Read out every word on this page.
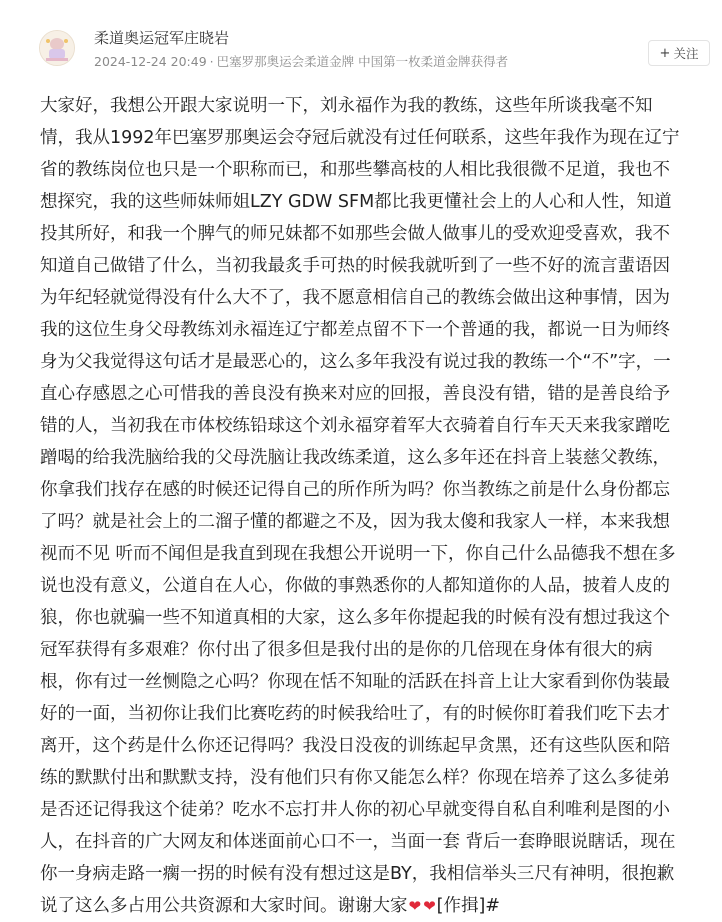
柔道奥运冠军庄晓岩
2024-12-24 20:49 · 巴塞罗那奥运会柔道金牌 中国第一枚柔道金牌获得者
+ 关注
大家好，我想公开跟大家说明一下，刘永福作为我的教练，这些年所谈我毫不知情，我从1992年巴塞罗那奥运会夺冠后就没有过任何联系，这些年我作为现在辽宁省的教练岗位也只是一个职称而已，和那些攀高枝的人相比我很微不足道，我也不想探究，我的这些师妹师姐LZY GDW SFM都比我更懂社会上的人心和人性，知道投其所好，和我一个脾气的师兄妹都不如那些会做人做事儿的受欢迎受喜欢，我不知道自己做错了什么，当初我最炙手可热的时候我就听到了一些不好的流言蜚语因为年纪轻就觉得没有什么大不了，我不愿意相信自己的教练会做出这种事情，因为我的这位生身父母教练刘永福连辽宁都差点留不下一个普通的我，都说一日为师终身为父我觉得这句话才是最恶心的，这么多年我没有说过我的教练一个“不”字，一直心存感恩之心可惜我的善良没有换来对应的回报，善良没有错，错的是善良给予错的人，当初我在市体校练铅球这个刘永福穿着军大衣骑着自行车天天来我家蹭吃蹭喝的给我洗脑给我的父母洗脑让我改练柔道，这么多年还在抖音上装慈父教练，你拿我们找存在感的时候还记得自己的所作所为吗？你当教练之前是什么身份都忘了吗？就是社会上的二溜子懂的都避之不及，因为我太傻和我家人一样，本来我想视而不见 听而不闻但是我直到现在我想公开说明一下，你自己什么品德我不想在多说也没有意义，公道自在人心，你做的事熟悉你的人都知道你的人品，披着人皮的狼，你也就骗一些不知道真相的大家，这么多年你提起我的时候有没有想过我这个冠军获得有多艰难？你付出了很多但是我付出的是你的几倍现在身体有很大的病根，你有过一丝恻隐之心吗？你现在恬不知耻的活跃在抖音上让大家看到你伪装最好的一面，当初你让我们比赛吃药的时候我给吐了，有的时候你盯着我们吃下去才离开，这个药是什么你还记得吗？我没日没夜的训练起早贪黑，还有这些队医和陪练的默默付出和默默支持，没有他们只有你又能怎么样？你现在培养了这么多徒弟是否还记得我这个徒弟？吃水不忘打井人你的初心早就变得自私自利唯利是图的小人，在抖音的广大网友和体迷面前心口不一，当面一套 背后一套睁眼说瞎话，现在你一身病走路一瘸一拐的时候有没有想过这是BY，我相信举头三尺有神明，很抱歉说了这么多占用公共资源和大家时间。谢谢大家❤ ❤[作揖]#
